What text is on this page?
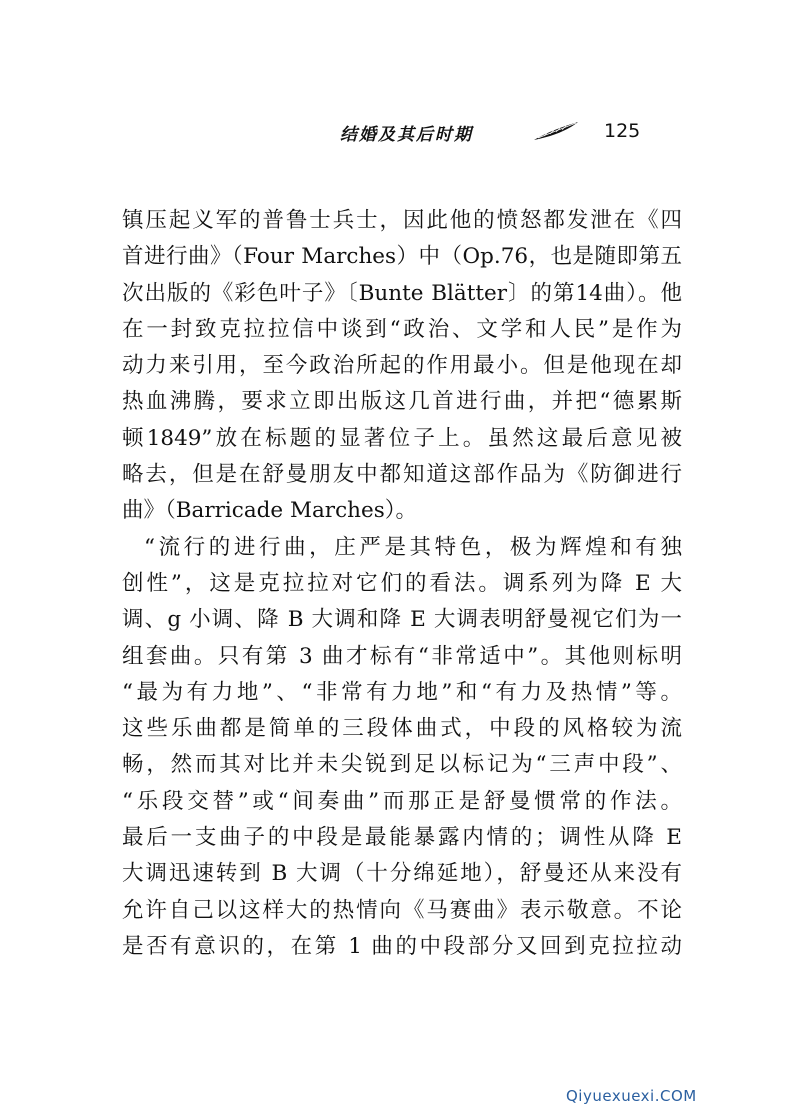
结婚及其后时期	125
镇压起义军的普鲁士兵士，因此他的愤怒都发泄在《四
首进行曲》（Four Marches）中（Op.76，也是随即第五
次出版的《彩色叶子》〔Bunte Blätter〕的第14曲）。他
在一封致克拉拉信中谈到“政治、文学和人民”是作为
动力来引用，至今政治所起的作用最小。但是他现在却
热血沸腾，要求立即出版这几首进行曲，并把“德累斯
顿1849”放在标题的显著位子上。虽然这最后意见被
略去，但是在舒曼朋友中都知道这部作品为《防御进行
曲》（Barricade Marches）。
“流行的进行曲，庄严是其特色，极为辉煌和有独
创性”，这是克拉拉对它们的看法。调系列为降 E 大
调、g 小调、降 B 大调和降 E 大调表明舒曼视它们为一
组套曲。只有第 3 曲才标有“非常适中”。其他则标明
“最为有力地”、“非常有力地”和“有力及热情”等。
这些乐曲都是简单的三段体曲式，中段的风格较为流
畅，然而其对比并未尖锐到足以标记为“三声中段”、
“乐段交替”或“间奏曲”而那正是舒曼惯常的作法。
最后一支曲子的中段是最能暴露内情的；调性从降 E
大调迅速转到 B 大调（十分绵延地），舒曼还从来没有
允许自己以这样大的热情向《马赛曲》表示敬意。不论
是否有意识的，在第 1 曲的中段部分又回到克拉拉动
Qiyuexuexi.COM
